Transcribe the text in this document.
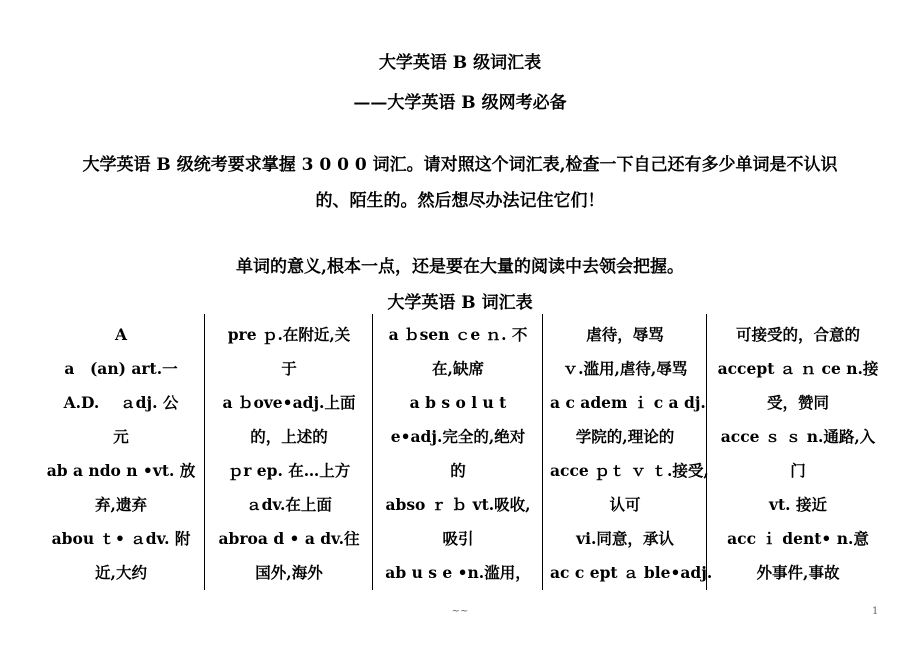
大学英语 B 级词汇表
——大学英语 B 级网考必备
大学英语 B 级统考要求掌握 3 0 0 0 词汇。请对照这个词汇表,检查一下自己还有多少单词是不认识
的、陌生的。然后想尽办法记住它们！
单词的意义,根本一点，还是要在大量的阅读中去领会把握。
大学英语 B 词汇表
A
a　(an) art.一
A.D.　 ａdj. 公
元
ab a ndo n •vt. 放
弃,遗弃
abou ｔ• ａdv. 附
近,大约
pre ｐ.在附近,关
于
a ｂove•adj.上面
的，上述的
ｐr ep. 在…上方
ａdv.在上面
abroa d • a dv.往
国外,海外
a ｂsen ｃe ｎ. 不
在,缺席
a b s o l u t
e•adj.完全的,绝对
的
abso ｒ ｂ vt.吸收,
吸引
ab u s e •n.滥用，
虐待，辱骂
ｖ.滥用,虐待,辱骂
a c adem ｉ c a dj.
学院的,理论的
acce ｐｔ ｖ ｔ.接受,
认可
vi.同意，承认
ac c ept ａ ble•adj.
可接受的，合意的
accept ａ ｎ ce n.接
受，赞同
acce ｓ ｓ n.通路,入
门
vt. 接近
acc ｉ dent• n.意
外事件,事故
~~	1
